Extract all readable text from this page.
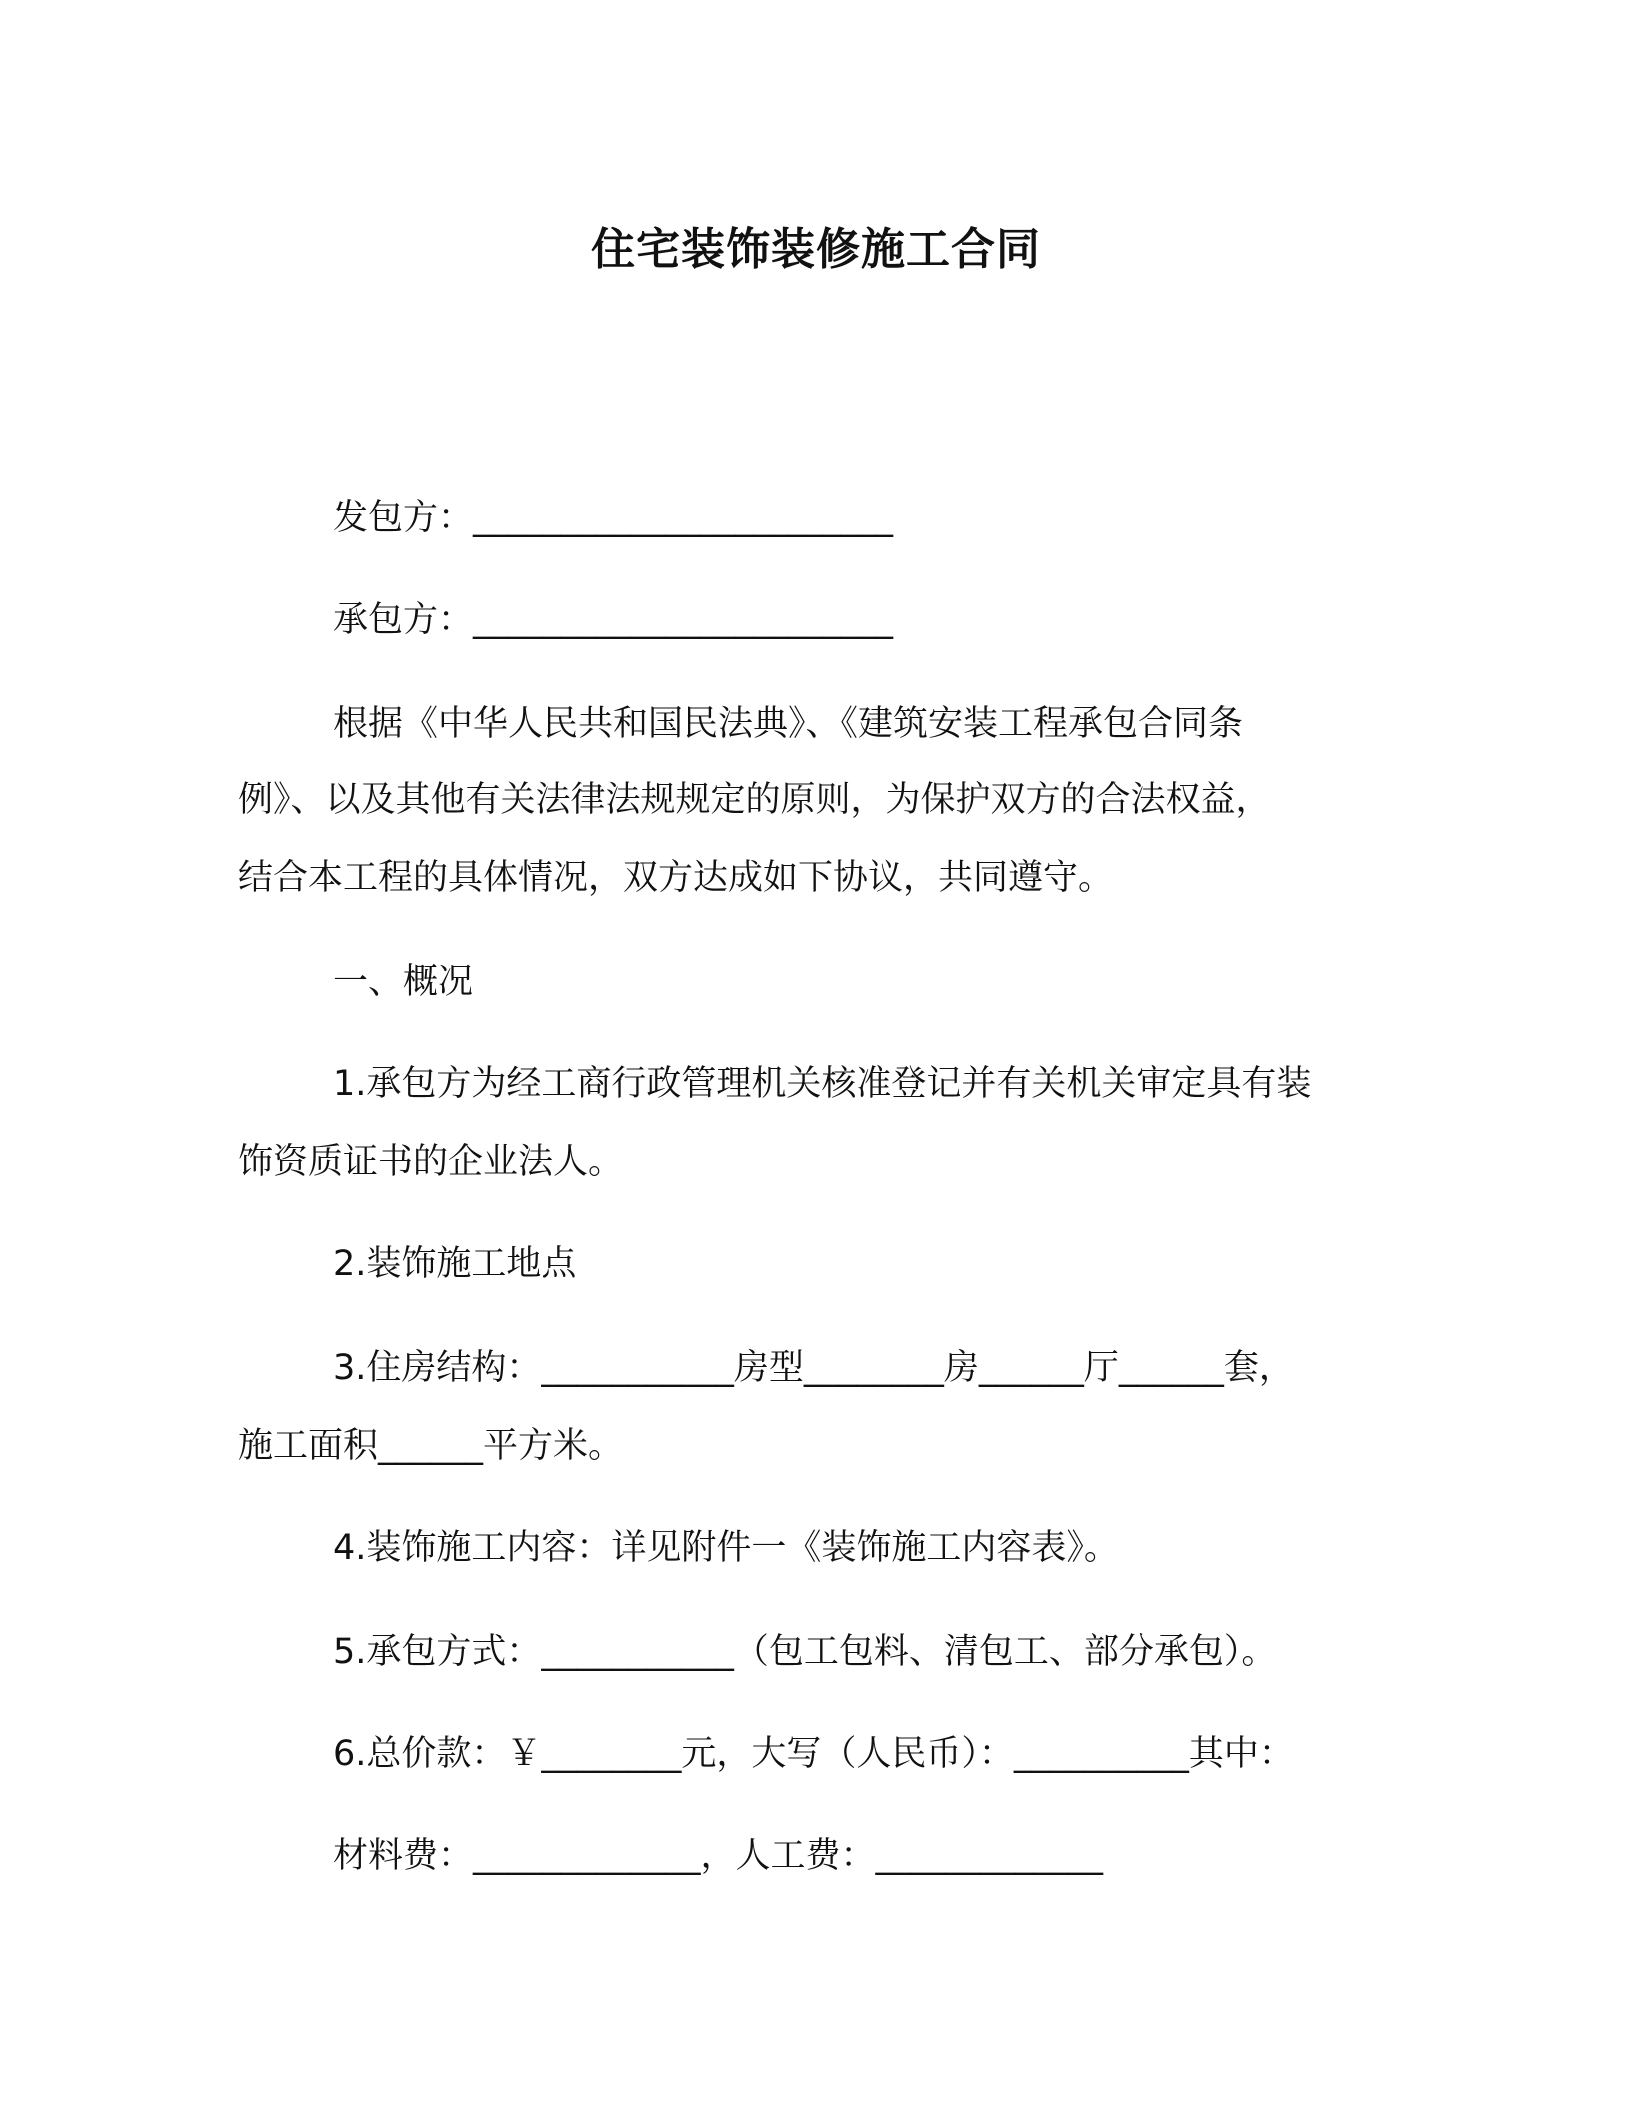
住宅装饰装修施工合同
发包方：________________________
承包方：________________________
根据《中华人民共和国民法典》、《建筑安装工程承包合同条
例》、以及其他有关法律法规规定的原则，为保护双方的合法权益，
结合本工程的具体情况，双方达成如下协议，共同遵守。
一、概况
1.承包方为经工商行政管理机关核准登记并有关机关审定具有装
饰资质证书的企业法人。
2.装饰施工地点
3.住房结构：___________房型________房______厅______套，
施工面积______平方米。
4.装饰施工内容：详见附件一《装饰施工内容表》。
5.承包方式：___________（包工包料、清包工、部分承包）。
6.总价款：￥________元，大写（人民币）：__________其中：
材料费：_____________，人工费：_____________
